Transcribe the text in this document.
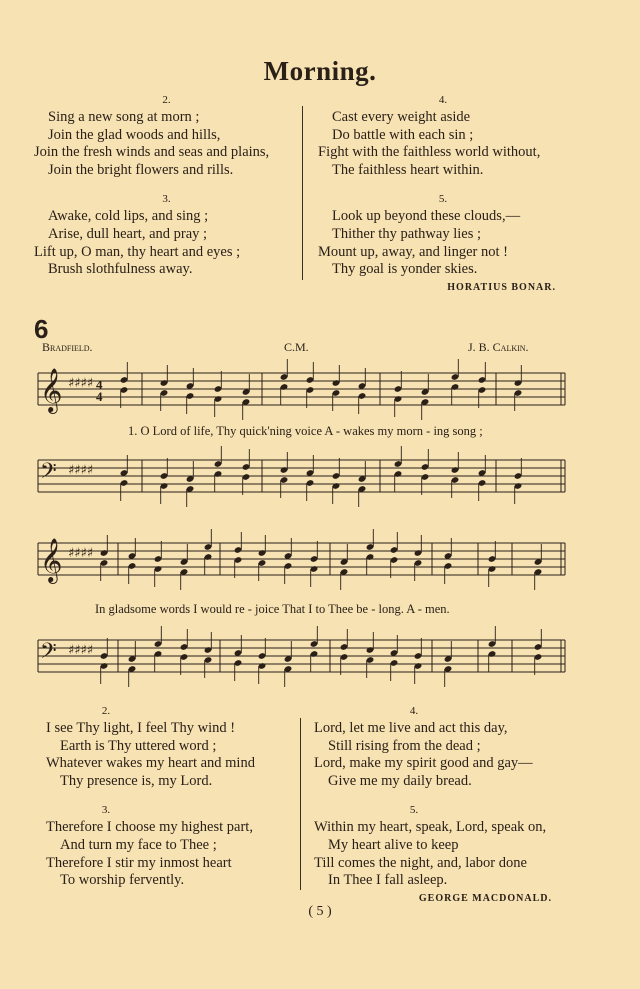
Morning.
2.
Sing a new song at morn ;
Join the glad woods and hills,
Join the fresh winds and seas and plains,
Join the bright flowers and rills.
3.
Awake, cold lips, and sing ;
Arise, dull heart, and pray ;
Lift up, O man, thy heart and eyes ;
Brush slothfulness away.
4.
Cast every weight aside
Do battle with each sin ;
Fight with the faithless world without,
The faithless heart within.
5.
Look up beyond these clouds,—
Thither thy pathway lies ;
Mount up, away, and linger not !
Thy goal is yonder skies.
HORATIUS BONAR.
6
Bradfield.	C.M.	J. B. Calkin.
𝄞 ♯♯♯♯
𝄢 ♯♯♯♯
4
4
𝄞 ♯♯♯♯
𝄢 ♯♯♯♯
1. O Lord of life, Thy quick'ning voice A - wakes my morn - ing song ;
In gladsome words I would re - joice That I to Thee be - long. A - men.
2.
I see Thy light, I feel Thy wind !
Earth is Thy uttered word ;
Whatever wakes my heart and mind
Thy presence is, my Lord.
3.
Therefore I choose my highest part,
And turn my face to Thee ;
Therefore I stir my inmost heart
To worship fervently.
4.
Lord, let me live and act this day,
Still rising from the dead ;
Lord, make my spirit good and gay—
Give me my daily bread.
5.
Within my heart, speak, Lord, speak on,
My heart alive to keep
Till comes the night, and, labor done
In Thee I fall asleep.
GEORGE MACDONALD.
( 5 )
